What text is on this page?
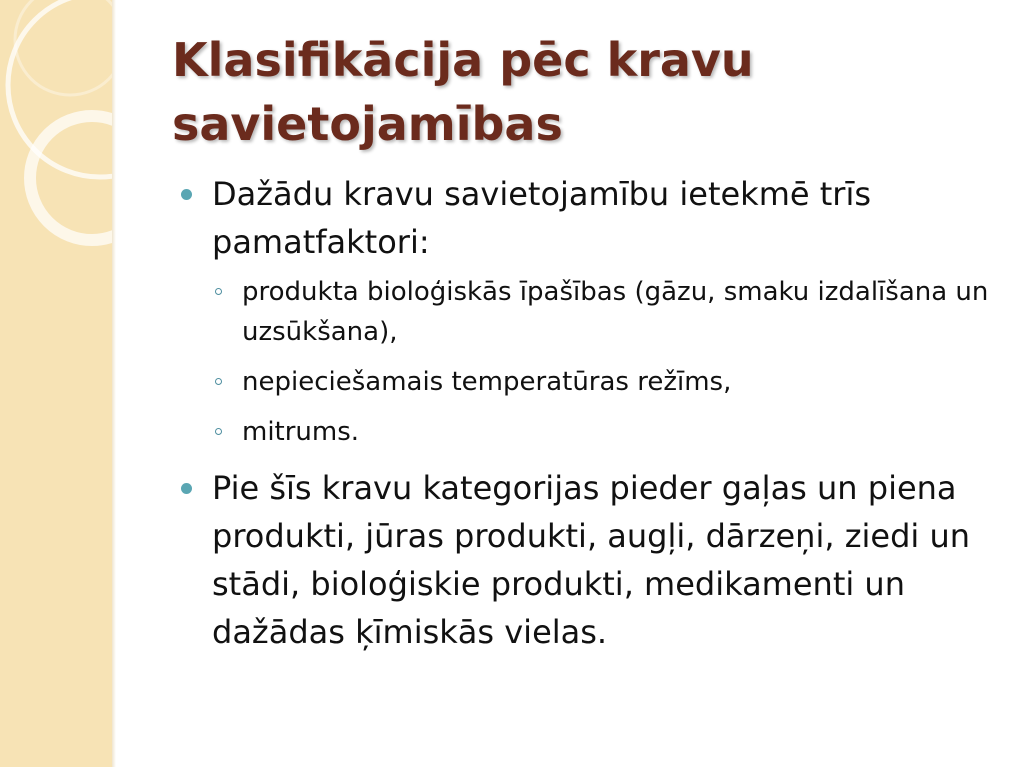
Klasifikācija pēc kravu savietojamības
Dažādu kravu savietojamību ietekmē trīs pamatfaktori:
produkta bioloģiskās īpašības (gāzu, smaku izdalīšana un uzsūkšana),
nepieciešamais temperatūras režīms,
mitrums.
Pie šīs kravu kategorijas pieder gaļas un piena produkti, jūras produkti, augļi, dārzeņi, ziedi un stādi, bioloģiskie produkti, medikamenti un dažādas ķīmiskās vielas.
